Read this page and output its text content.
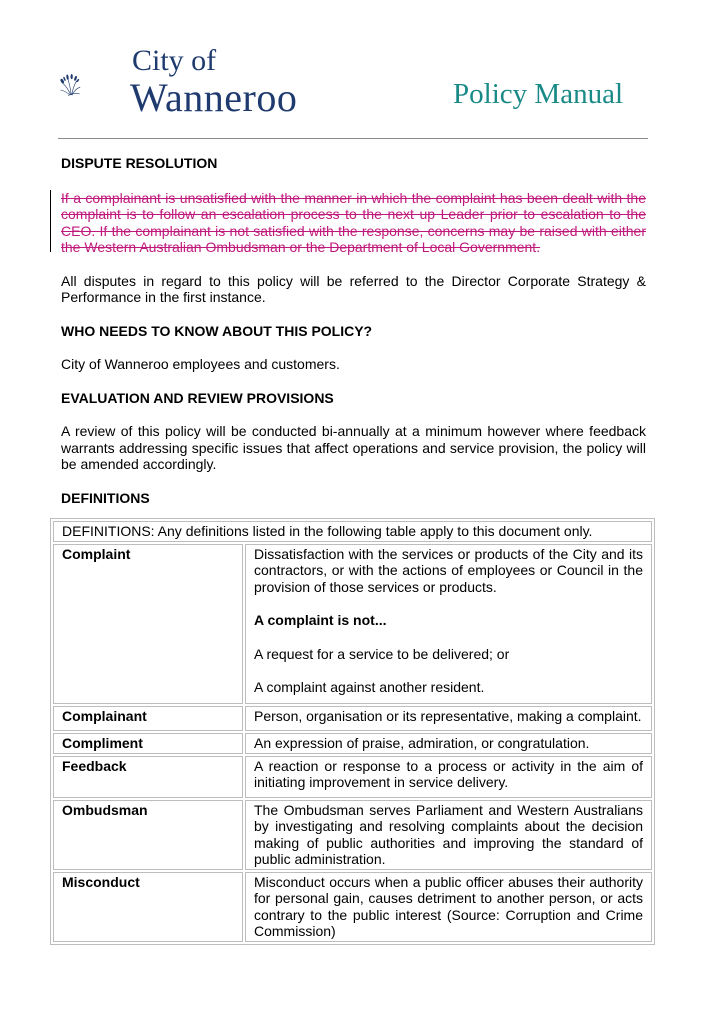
City of
Wanneroo	Policy Manual

DISPUTE RESOLUTION

If a complainant is unsatisfied with the manner in which the complaint has been dealt with the complaint is to follow an escalation process to the next up Leader prior to escalation to the CEO. If the complainant is not satisfied with the response, concerns may be raised with either the Western Australian Ombudsman or the Department of Local Government.

All disputes in regard to this policy will be referred to the Director Corporate Strategy & Performance in the first instance.

WHO NEEDS TO KNOW ABOUT THIS POLICY?

City of Wanneroo employees and customers.

EVALUATION AND REVIEW PROVISIONS

A review of this policy will be conducted bi-annually at a minimum however where feedback warrants addressing specific issues that affect operations and service provision, the policy will be amended accordingly.

DEFINITIONS

DEFINITIONS: Any definitions listed in the following table apply to this document only.	
Complaint	Dissatisfaction with the services or products of the City and its contractors, or with the actions of employees or Council in the provision of those services or products.
A complaint is not...
A request for a service to be delivered; or
A complaint against another resident.

Complainant	Person, organisation or its representative, making a complaint.
Compliment	An expression of praise, admiration, or congratulation.
Feedback	A reaction or response to a process or activity in the aim of initiating improvement in service delivery.
Ombudsman	The Ombudsman serves Parliament and Western Australians by investigating and resolving complaints about the decision making of public authorities and improving the standard of public administration.
Misconduct	Misconduct occurs when a public officer abuses their authority for personal gain, causes detriment to another person, or acts contrary to the public interest (Source: Corruption and Crime Commission)
